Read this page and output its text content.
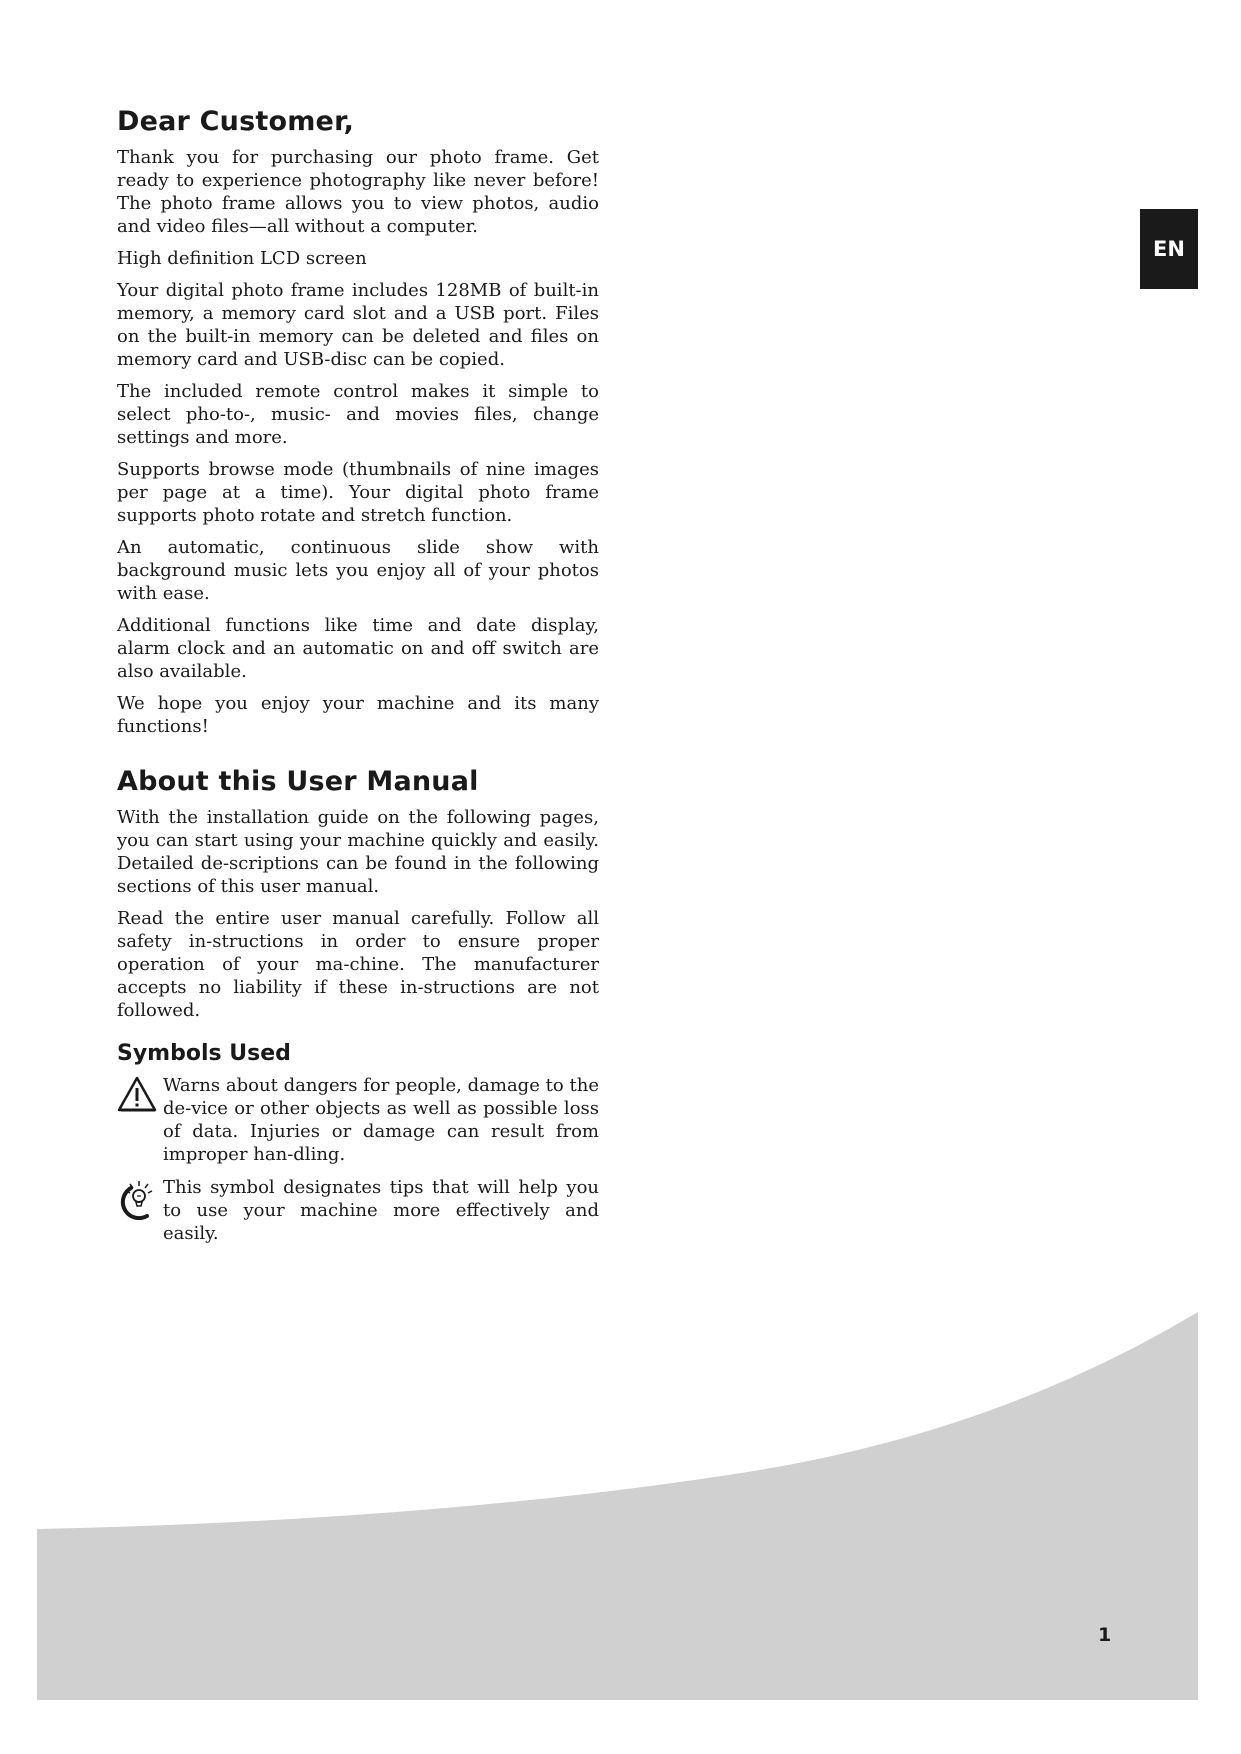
EN
Dear Customer,

Thank you for purchasing our photo frame. Get ready to experience photography like never before! The photo frame allows you to view photos, audio and video files—all without a computer.

High definition LCD screen

Your digital photo frame includes 128MB of built-in memory, a memory card slot and a USB port. Files on the built-in memory can be deleted and files on memory card and USB-disc can be copied.

The included remote control makes it simple to select pho-to-, music- and movies files, change settings and more.

Supports browse mode (thumbnails of nine images per page at a time). Your digital photo frame supports photo rotate and stretch function.

An automatic, continuous slide show with background music lets you enjoy all of your photos with ease.

Additional functions like time and date display, alarm clock and an automatic on and off switch are also available.

We hope you enjoy your machine and its many functions!

About this User Manual

With the installation guide on the following pages, you can start using your machine quickly and easily. Detailed de-scriptions can be found in the following sections of this user manual.

Read the entire user manual carefully. Follow all safety in-structions in order to ensure proper operation of your ma-chine. The manufacturer accepts no liability if these in-structions are not followed.

Symbols Used

Warns about dangers for people, damage to the de-vice or other objects as well as possible loss of data. Injuries or damage can result from improper han-dling.

This symbol designates tips that will help you to use your machine more effectively and easily.

1
